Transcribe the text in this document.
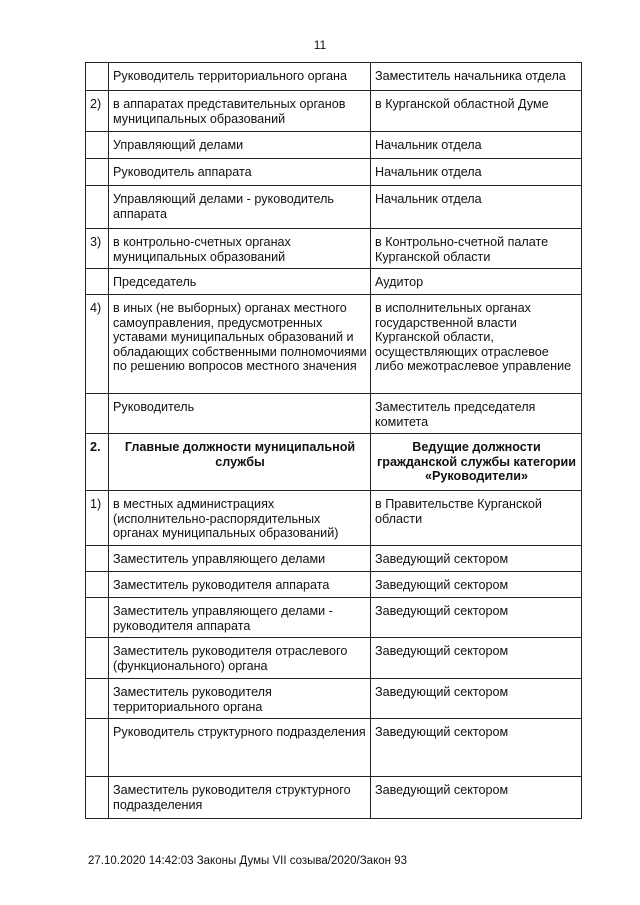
11
	Руководитель территориального органа	Заместитель начальника отдела
2)	в аппаратах представительных органов муниципальных образований	в Курганской областной Думе
	Управляющий делами	Начальник отдела
	Руководитель аппарата	Начальник отдела
	Управляющий делами - руководитель аппарата	Начальник отдела
3)	в контрольно-счетных органах муниципальных образований	в Контрольно-счетной палате Курганской области
	Председатель	Аудитор
4)	в иных (не выборных) органах местного самоуправления, предусмотренных уставами муниципальных образований и обладающих собственными полномочиями по решению вопросов местного значения	в исполнительных органах государственной власти Курганской области, осуществляющих отраслевое либо межотраслевое управление
	Руководитель	Заместитель председателя комитета
2.	Главные должности муниципальной службы	Ведущие должности гражданской службы категории «Руководители»
1)	в местных администрациях (исполнительно-распорядительных органах муниципальных образований)	в Правительстве Курганской области
	Заместитель управляющего делами	Заведующий сектором
	Заместитель руководителя аппарата	Заведующий сектором
	Заместитель управляющего делами - руководителя аппарата	Заведующий сектором
	Заместитель руководителя отраслевого (функционального) органа	Заведующий сектором
	Заместитель руководителя территориального органа	Заведующий сектором
	Руководитель структурного подразделения	Заведующий сектором
	Заместитель руководителя структурного подразделения	Заведующий сектором
27.10.2020 14:42:03 Законы Думы VII созыва/2020/Закон 93
